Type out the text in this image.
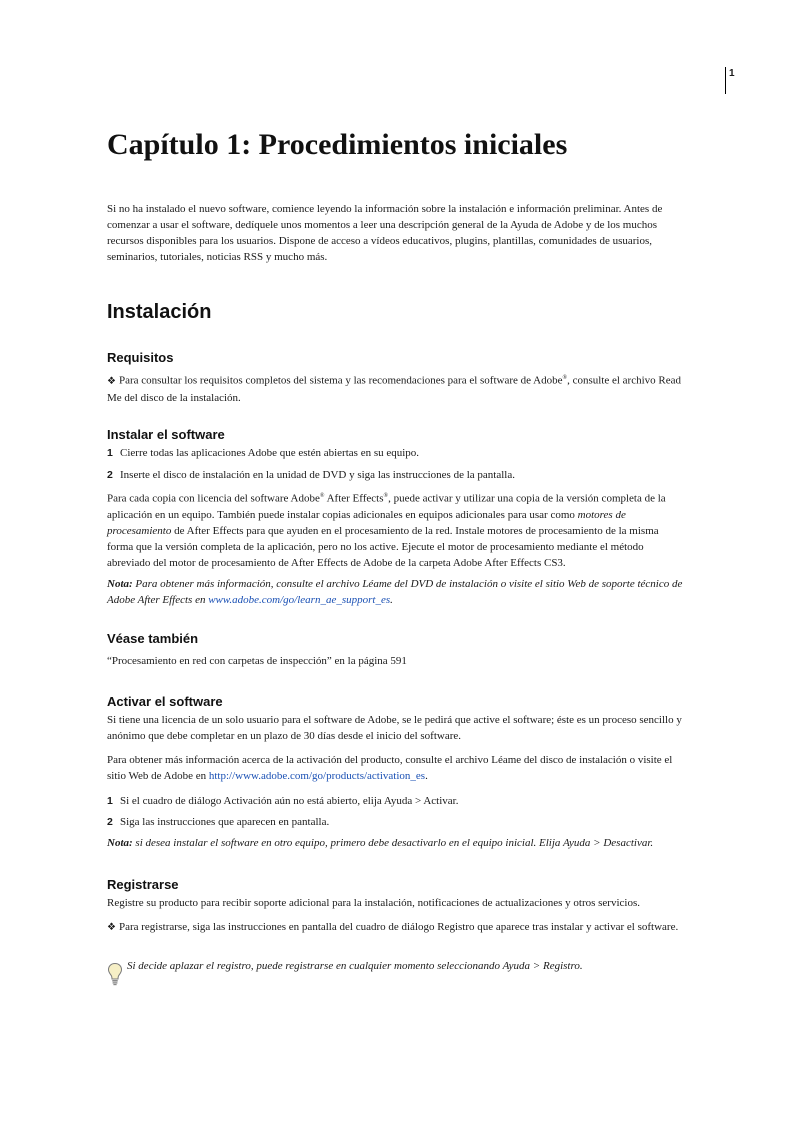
1
Capítulo 1: Procedimientos iniciales

Si no ha instalado el nuevo software, comience leyendo la información sobre la instalación e información preliminar. Antes de comenzar a usar el software, dedíquele unos momentos a leer una descripción general de la Ayuda de Adobe y de los muchos recursos disponibles para los usuarios. Dispone de acceso a vídeos educativos, plugins, plantillas, comunidades de usuarios, seminarios, tutoriales, noticias RSS y mucho más.

Instalación
Requisitos

❖ Para consultar los requisitos completos del sistema y las recomendaciones para el software de Adobe®, consulte el archivo Read Me del disco de la instalación.

Instalar el software
1 Cierre todas las aplicaciones Adobe que estén abiertas en su equipo.
2 Inserte el disco de instalación en la unidad de DVD y siga las instrucciones de la pantalla.

Para cada copia con licencia del software Adobe® After Effects®, puede activar y utilizar una copia de la versión completa de la aplicación en un equipo. También puede instalar copias adicionales en equipos adicionales para usar como motores de procesamiento de After Effects para que ayuden en el procesamiento de la red. Instale motores de procesamiento de la misma forma que la versión completa de la aplicación, pero no los active. Ejecute el motor de procesamiento mediante el método abreviado del motor de procesamiento de After Effects de Adobe de la carpeta Adobe After Effects CS3.

Nota: Para obtener más información, consulte el archivo Léame del DVD de instalación o visite el sitio Web de soporte técnico de Adobe After Effects en www.adobe.com/go/learn_ae_support_es.

Véase también

“Procesamiento en red con carpetas de inspección” en la página 591

Activar el software

Si tiene una licencia de un solo usuario para el software de Adobe, se le pedirá que active el software; éste es un proceso sencillo y anónimo que debe completar en un plazo de 30 días desde el inicio del software.

Para obtener más información acerca de la activación del producto, consulte el archivo Léame del disco de instalación o visite el sitio Web de Adobe en http://www.adobe.com/go/products/activation_es.

1 Si el cuadro de diálogo Activación aún no está abierto, elija Ayuda > Activar.
2 Siga las instrucciones que aparecen en pantalla.

Nota: si desea instalar el software en otro equipo, primero debe desactivarlo en el equipo inicial. Elija Ayuda > Desactivar.

Registrarse

Registre su producto para recibir soporte adicional para la instalación, notificaciones de actualizaciones y otros servicios.

❖ Para registrarse, siga las instrucciones en pantalla del cuadro de diálogo Registro que aparece tras instalar y activar el software.

Si decide aplazar el registro, puede registrarse en cualquier momento seleccionando Ayuda > Registro.
